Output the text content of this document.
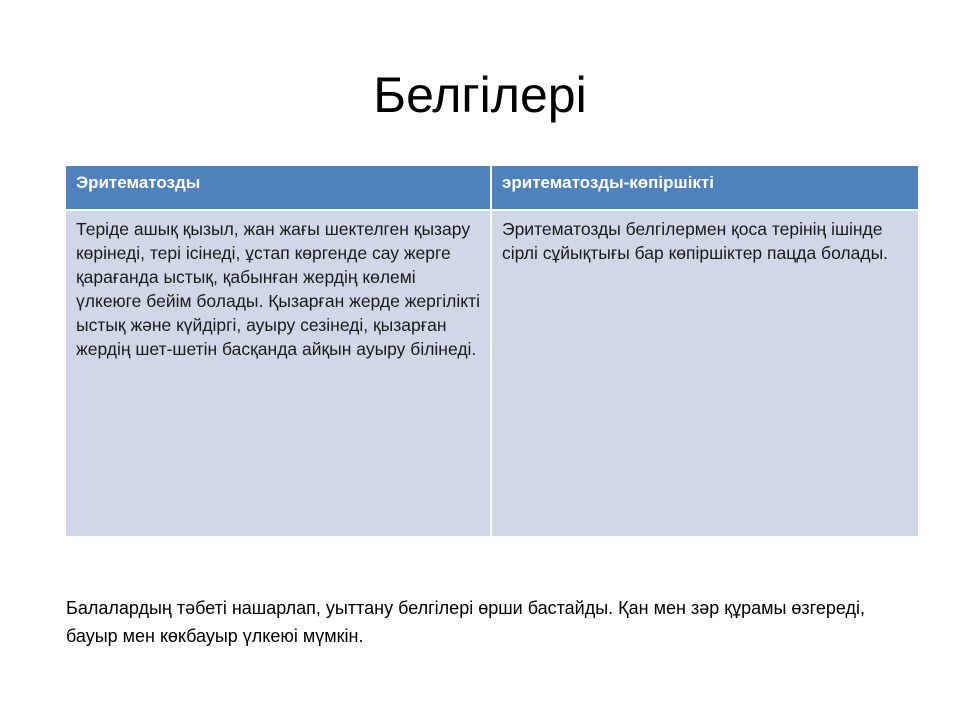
Белгілері
Эритематозды	эритематозды-көпіршікті
Теріде ашық қызыл, жан жағы шектелген қызару көрінеді, тері ісінеді, ұстап көргенде сау жерге қарағанда ыстық, қабынған жердің көлемі үлкеюге бейім болады. Қызарған жерде жергілікті ыстық және күйдіргі, ауыру сезінеді, қызарған жердің шет-шетін басқанда айқын ауыру білінеді.	Эритематозды белгілермен қоса терінің ішінде сірлі сұйықтығы бар көпіршіктер пацда болады.
Балалардың тәбеті нашарлап, уыттану белгілері өрши бастайды. Қан мен зәр құрамы өзгереді, бауыр мен көкбауыр үлкеюі мүмкін.
